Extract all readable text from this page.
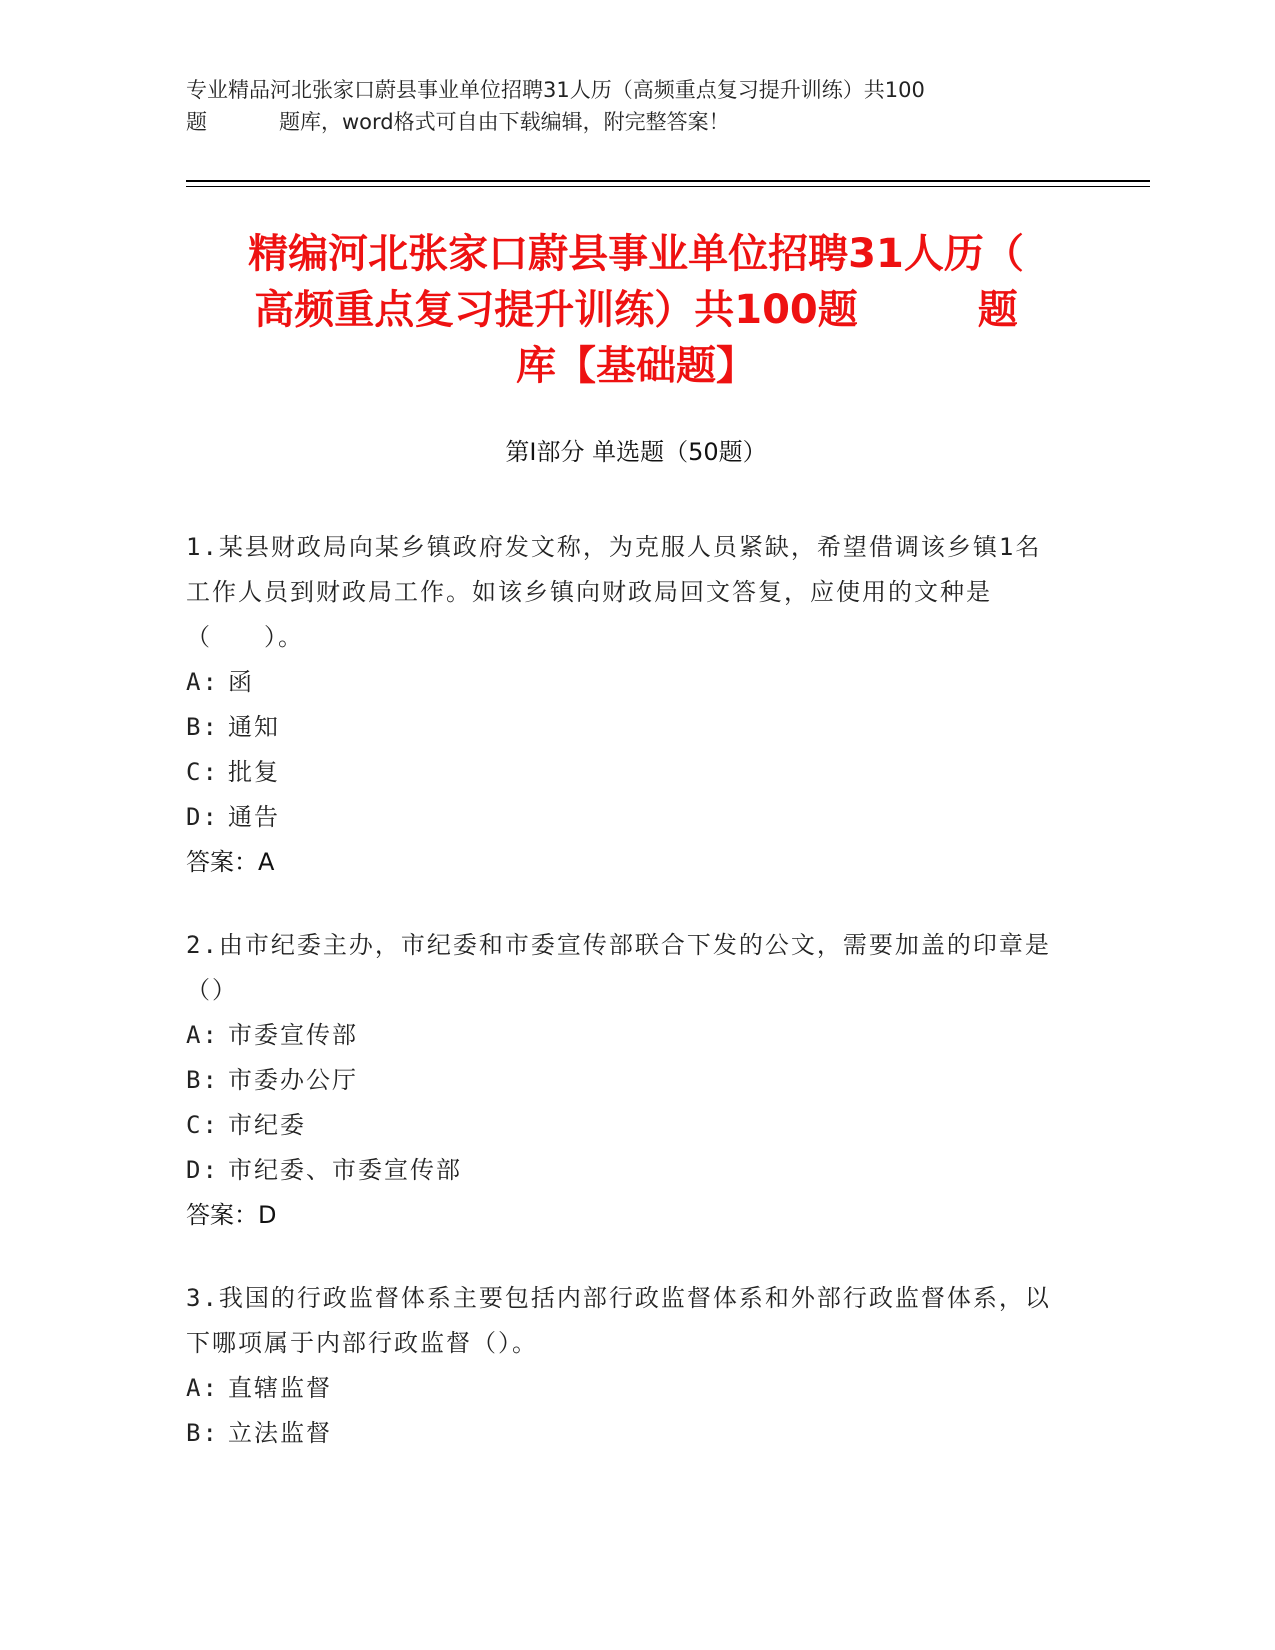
专业精品河北张家口蔚县事业单位招聘31人历（高频重点复习提升训练）共100
题	题库，word格式可自由下载编辑，附完整答案！
精编河北张家口蔚县事业单位招聘31人历（
高频重点复习提升训练）共100题	题
库【基础题】
第Ⅰ部分 单选题（50题）
1.某县财政局向某乡镇政府发文称，为克服人员紧缺，希望借调该乡镇1名工作人员到财政局工作。如该乡镇向财政局回文答复，应使用的文种是（　　）。
A: 函
B: 通知
C: 批复
D: 通告
答案：A
2.由市纪委主办，市纪委和市委宣传部联合下发的公文，需要加盖的印章是（）
A: 市委宣传部
B: 市委办公厅
C: 市纪委
D: 市纪委、市委宣传部
答案：D
3.我国的行政监督体系主要包括内部行政监督体系和外部行政监督体系，以下哪项属于内部行政监督（）。
A: 直辖监督
B: 立法监督
